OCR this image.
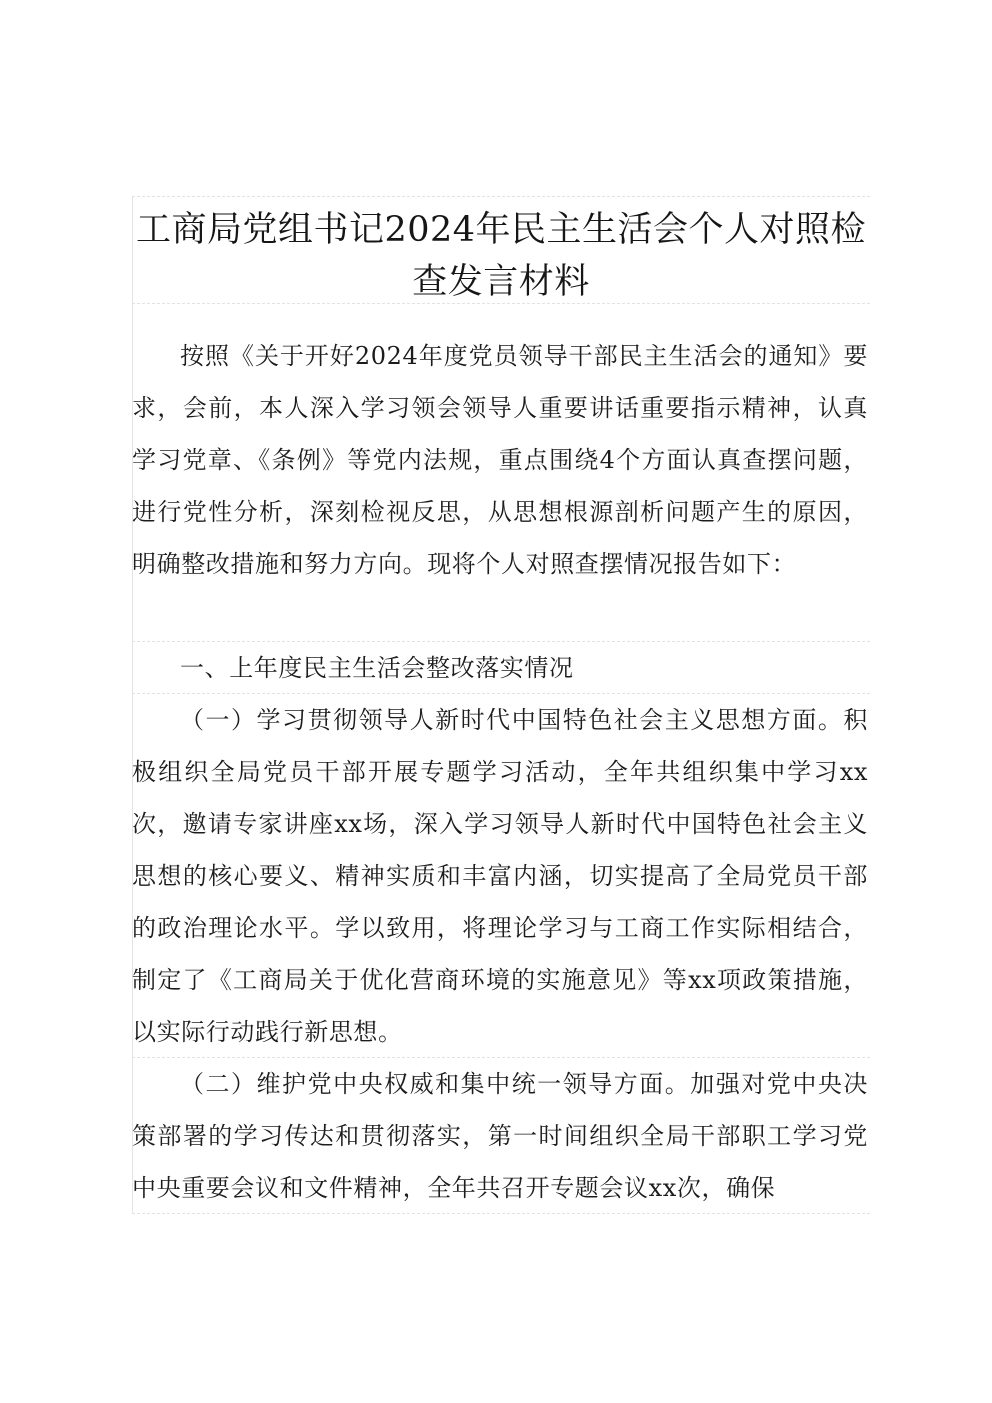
工商局党组书记2024年民主生活会个人对照检查发言材料

按照《关于开好2024年度党员领导干部民主生活会的通知》要求，会前，本人深入学习领会领导人重要讲话重要指示精神，认真学习党章、《条例》等党内法规，重点围绕4个方面认真查摆问题，进行党性分析，深刻检视反思，从思想根源剖析问题产生的原因，明确整改措施和努力方向。现将个人对照查摆情况报告如下：

一、上年度民主生活会整改落实情况

（一）学习贯彻领导人新时代中国特色社会主义思想方面。积极组织全局党员干部开展专题学习活动，全年共组织集中学习xx次，邀请专家讲座xx场，深入学习领导人新时代中国特色社会主义思想的核心要义、精神实质和丰富内涵，切实提高了全局党员干部的政治理论水平。学以致用，将理论学习与工商工作实际相结合，制定了《工商局关于优化营商环境的实施意见》等xx项政策措施，以实际行动践行新思想。

（二）维护党中央权威和集中统一领导方面。加强对党中央决策部署的学习传达和贯彻落实，第一时间组织全局干部职工学习党中央重要会议和文件精神，全年共召开专题会议xx次，确保
